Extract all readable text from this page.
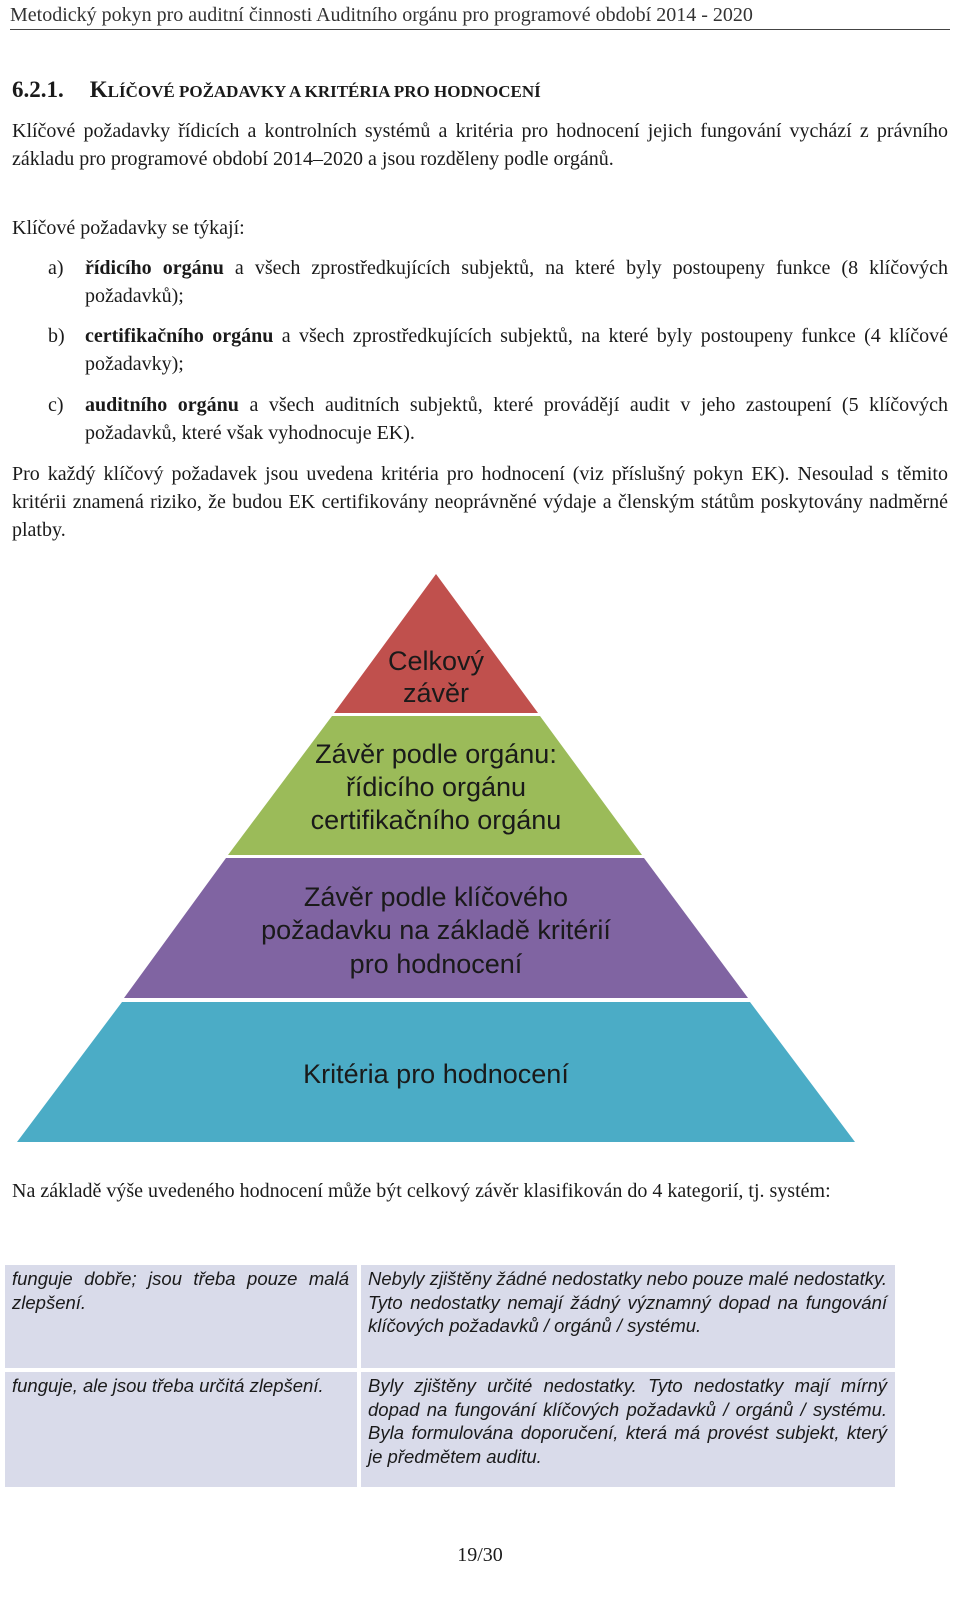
Metodický pokyn pro auditní činnosti Auditního orgánu pro programové období 2014 - 2020
6.2.1. KLÍČOVÉ POŽADAVKY A KRITÉRIA PRO HODNOCENÍ
Klíčové požadavky řídicích a kontrolních systémů a kritéria pro hodnocení jejich fungování vychází z právního základu pro programové období 2014–2020 a jsou rozděleny podle orgánů.
Klíčové požadavky se týkají:
a)	řídicího orgánu a všech zprostředkujících subjektů, na které byly postoupeny funkce (8 klíčových požadavků);
b)	certifikačního orgánu a všech zprostředkujících subjektů, na které byly postoupeny funkce (4 klíčové požadavky);
c)	auditního orgánu a všech auditních subjektů, které provádějí audit v jeho zastoupení (5 klíčových požadavků, které však vyhodnocuje EK).
Pro každý klíčový požadavek jsou uvedena kritéria pro hodnocení (viz příslušný pokyn EK). Nesoulad s těmito kritérii znamená riziko, že budou EK certifikovány neoprávněné výdaje a členským státům poskytovány nadměrné platby.
Celkový
závěr
Závěr podle orgánu:
řídicího orgánu
certifikačního orgánu
Závěr podle klíčového
požadavku na základě kritérií
pro hodnocení
Kritéria pro hodnocení
Na základě výše uvedeného hodnocení může být celkový závěr klasifikován do 4 kategorií, tj. systém:
funguje dobře; jsou třeba pouze malá zlepšení.	Nebyly zjištěny žádné nedostatky nebo pouze malé nedostatky. Tyto nedostatky nemají žádný významný dopad na fungování klíčových požadavků / orgánů / systému.
funguje, ale jsou třeba určitá zlepšení.	Byly zjištěny určité nedostatky. Tyto nedostatky mají mírný dopad na fungování klíčových požadavků / orgánů / systému. Byla formulována doporučení, která má provést subjekt, který je předmětem auditu.
19/30
